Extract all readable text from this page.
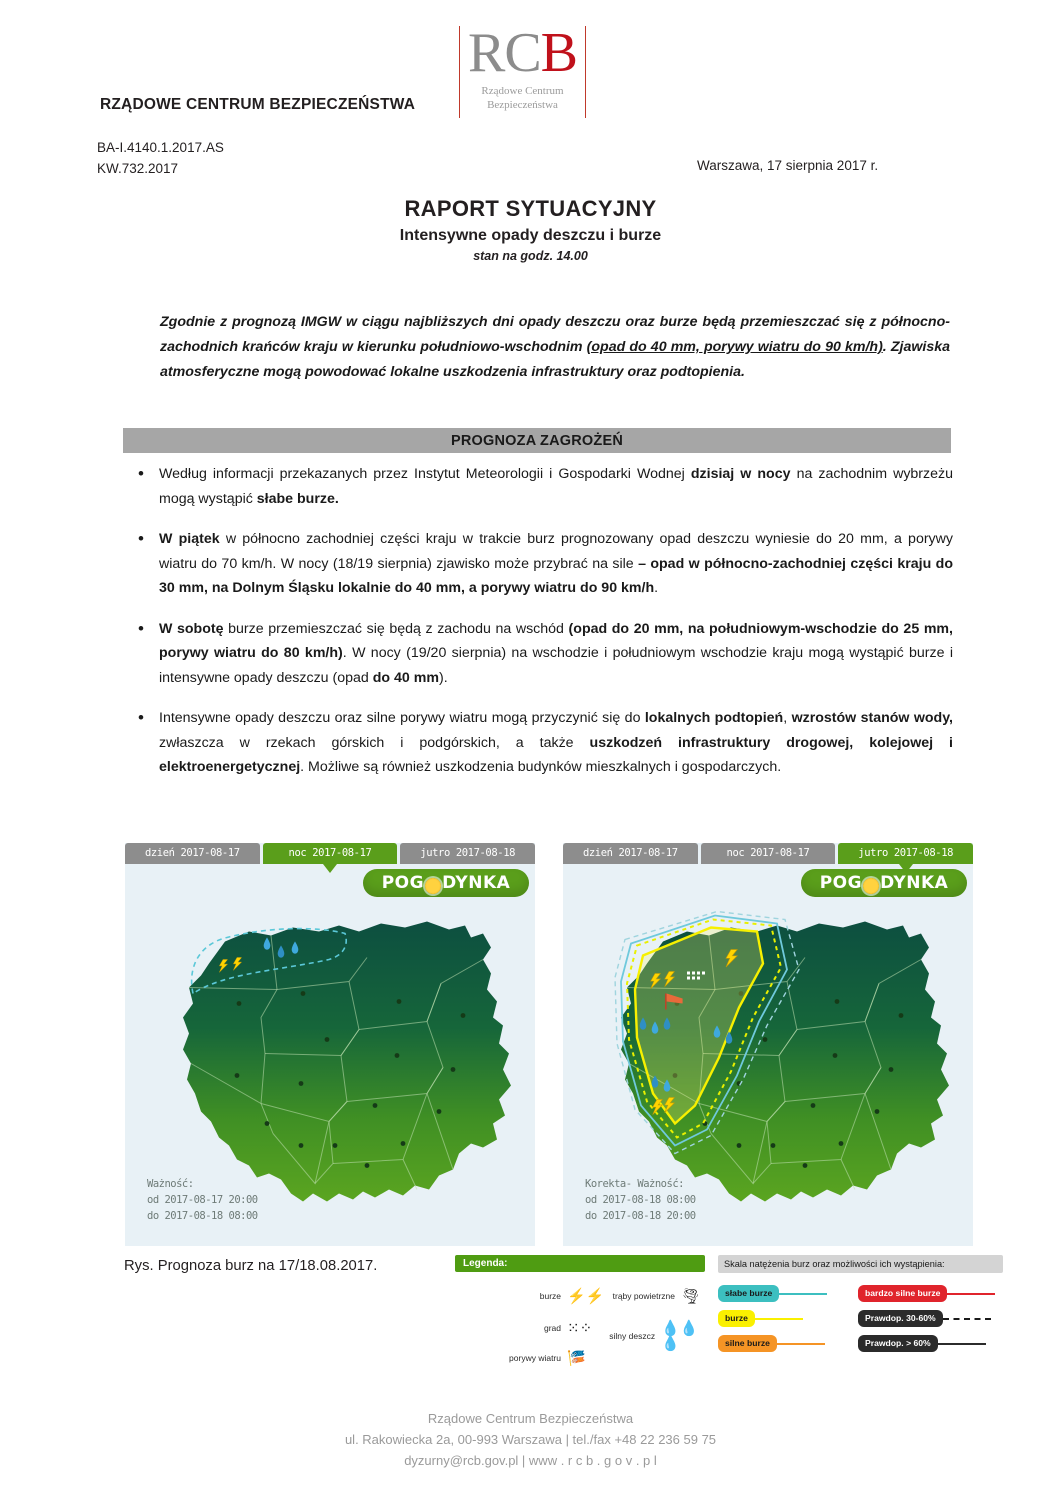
RZĄDOWE CENTRUM BEZPIECZEŃSTWA
RCB
Rządowe Centrum
Bezpieczeństwa
BA-I.4140.1.2017.AS
KW.732.2017	Warszawa, 17 sierpnia 2017 r.
RAPORT SYTUACYJNY
Intensywne opady deszczu i burze
stan na godz. 14.00
Zgodnie z prognozą IMGW w ciągu najbliższych dni opady deszczu oraz burze będą przemieszczać się z północno-zachodnich krańców kraju w kierunku południowo-wschodnim (opad do 40 mm, porywy wiatru do 90 km/h). Zjawiska atmosferyczne mogą powodować lokalne uszkodzenia infrastruktury oraz podtopienia.
PROGNOZA ZAGROŻEŃ
•	Według informacji przekazanych przez Instytut Meteorologii i Gospodarki Wodnej dzisiaj w nocy na zachodnim wybrzeżu mogą wystąpić słabe burze.
•	W piątek w północno zachodniej części kraju w trakcie burz prognozowany opad deszczu wyniesie do 20 mm, a porywy wiatru do 70 km/h. W nocy (18/19 sierpnia) zjawisko może przybrać na sile – opad w północno-zachodniej części kraju do 30 mm, na Dolnym Śląsku lokalnie do 40 mm, a porywy wiatru do 90 km/h.
•	W sobotę burze przemieszczać się będą z zachodu na wschód (opad do 20 mm, na południowym-wschodzie do 25 mm, porywy wiatru do 80 km/h). W nocy (19/20 sierpnia) na wschodzie i południowym wschodzie kraju mogą wystąpić burze i intensywne opady deszczu (opad do 40 mm).
•	Intensywne opady deszczu oraz silne porywy wiatru mogą przyczynić się do lokalnych podtopień, wzrostów stanów wody, zwłaszcza w rzekach górskich i podgórskich, a także uszkodzeń infrastruktury drogowej, kolejowej i elektroenergetycznej. Możliwe są również uszkodzenia budynków mieszkalnych i gospodarczych.
dzień 2017-08-17	noc 2017-08-17	jutro 2017-08-18
POG DYNKA
Ważność:
od 2017-08-17 20:00
do 2017-08-18 08:00
dzień 2017-08-17	noc 2017-08-17	jutro 2017-08-18
POG DYNKA
Korekta- Ważność:
od 2017-08-18 08:00
do 2017-08-18 20:00
Rys. Prognoza burz na 17/18.08.2017.	Legenda:
burze ⚡⚡ trąby powietrzne 🌪
grad ⁙⁘	silny deszcz 💧💧💧
porywy wiatru 🎏
Skala natężenia burz oraz możliwości ich wystąpienia:
słabe burze	bardzo silne burze
burze	Prawdop. 30-60%
silne burze	Prawdop. > 60%
Rządowe Centrum Bezpieczeństwa
ul. Rakowiecka 2a, 00-993 Warszawa | tel./fax +48 22 236 59 75
dyzurny@rcb.gov.pl | www . r c b . g o v . p l
